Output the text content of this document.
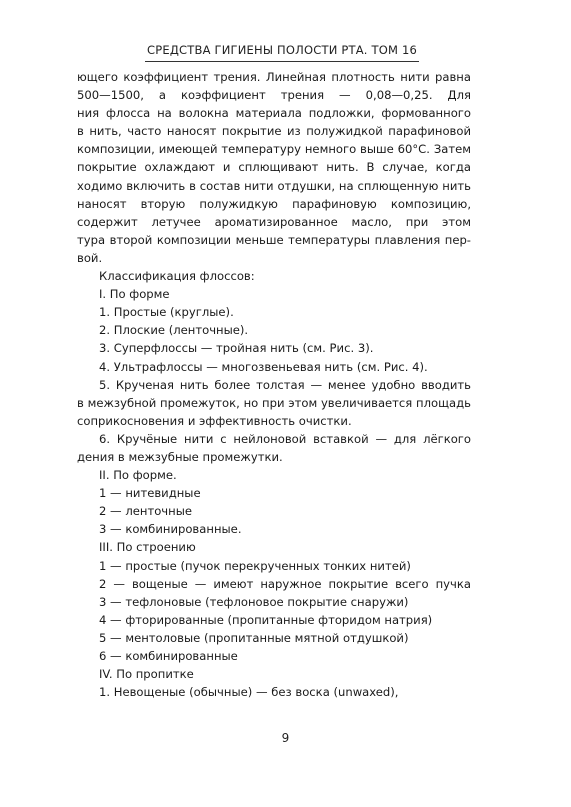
СРЕДСТВА ГИГИЕНЫ ПОЛОСТИ РТА. ТОМ 16
ющего коэффициент трения. Линейная плотность нити равна
500—1500, а коэффициент трения — 0,08—0,25. Для
ния флосса на волокна материала подложки, формованного
в нить, часто наносят покрытие из полужидкой парафиновой
композиции, имеющей температуру немного выше 60°С. Затем
покрытие охлаждают и сплющивают нить. В случае, когда
ходимо включить в состав нити отдушки, на сплющенную нить
наносят вторую полужидкую парафиновую композицию,
содержит летучее ароматизированное масло, при этом
тура второй композиции меньше температуры плавления пер-
вой.
Классификация флоссов:
I. По форме
1. Простые (круглые).
2. Плоские (ленточные).
3. Суперфлоссы — тройная нить (см. Рис. 3).
4. Ультрафлоссы — многозвеньевая нить (см. Рис. 4).
5. Крученая нить более толстая — менее удобно вводить
в межзубной промежуток, но при этом увеличивается площадь
соприкосновения и эффективность очистки.
6. Кручёные нити с нейлоновой вставкой — для лёгкого
дения в межзубные промежутки.
II. По форме.
1 — нитевидные
2 — ленточные
3 — комбинированные.
III. По строению
1 — простые (пучок перекрученных тонких нитей)
2 — вощеные — имеют наружное покрытие всего пучка
3 — тефлоновые (тефлоновое покрытие снаружи)
4 — фторированные (пропитанные фторидом натрия)
5 — ментоловые (пропитанные мятной отдушкой)
6 — комбинированные
IV. По пропитке
1. Невощеные (обычные) — без воска (unwaxed),
9
